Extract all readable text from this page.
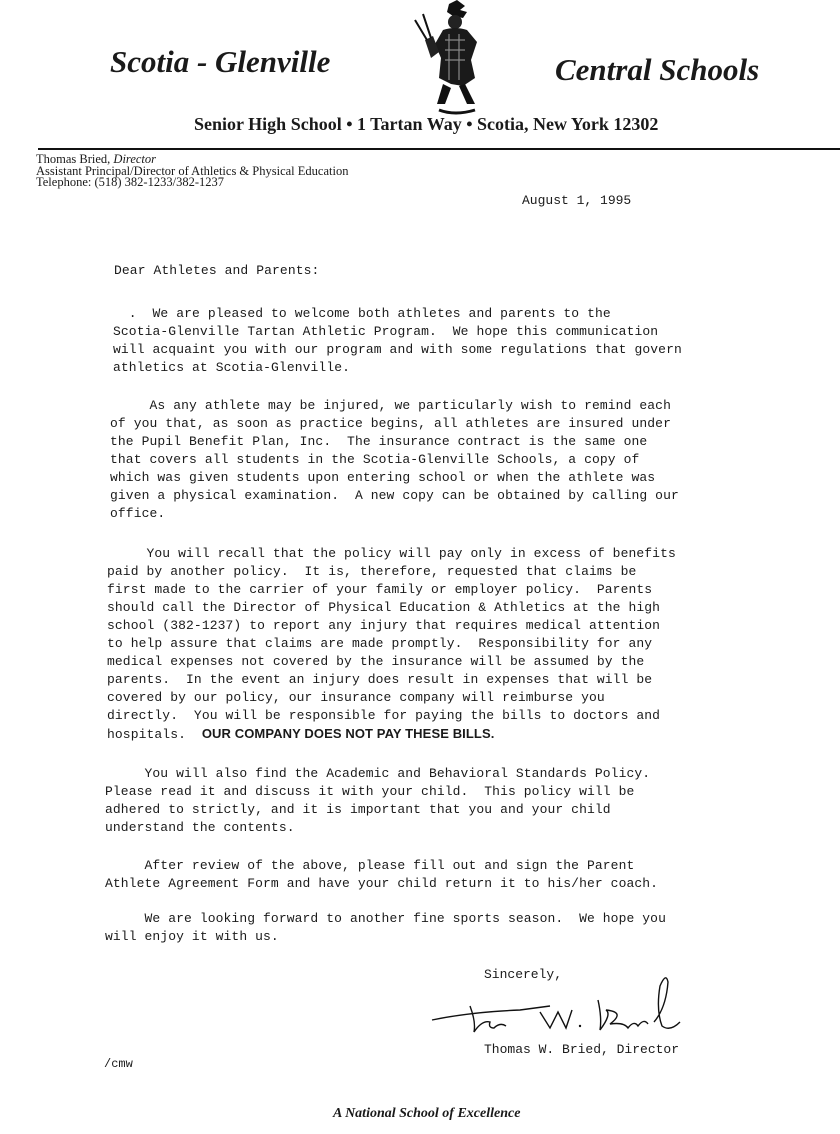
Scotia - Glenville	Central Schools
Senior High School • 1 Tartan Way • Scotia, New York 12302
Thomas Bried, Director
Assistant Principal/Director of Athletics & Physical Education
Telephone: (518) 382-1233/382-1237
August 1, 1995
Dear Athletes and Parents:
.  We are pleased to welcome both athletes and parents to the
Scotia-Glenville Tartan Athletic Program.  We hope this communication
will acquaint you with our program and with some regulations that govern
athletics at Scotia-Glenville.
As any athlete may be injured, we particularly wish to remind each
of you that, as soon as practice begins, all athletes are insured under
the Pupil Benefit Plan, Inc.  The insurance contract is the same one
that covers all students in the Scotia-Glenville Schools, a copy of
which was given students upon entering school or when the athlete was
given a physical examination.  A new copy can be obtained by calling our
office.
You will recall that the policy will pay only in excess of benefits
paid by another policy.  It is, therefore, requested that claims be
first made to the carrier of your family or employer policy.  Parents
should call the Director of Physical Education & Athletics at the high
school (382-1237) to report any injury that requires medical attention
to help assure that claims are made promptly.  Responsibility for any
medical expenses not covered by the insurance will be assumed by the
parents.  In the event an injury does result in expenses that will be
covered by our policy, our insurance company will reimburse you
directly.  You will be responsible for paying the bills to doctors and
hospitals.  OUR COMPANY DOES NOT PAY THESE BILLS.
You will also find the Academic and Behavioral Standards Policy.
Please read it and discuss it with your child.  This policy will be
adhered to strictly, and it is important that you and your child
understand the contents.
After review of the above, please fill out and sign the Parent
Athlete Agreement Form and have your child return it to his/her coach.
We are looking forward to another fine sports season.  We hope you
will enjoy it with us.
Sincerely,
Thomas W. Bried, Director
/cmw
A National School of Excellence
